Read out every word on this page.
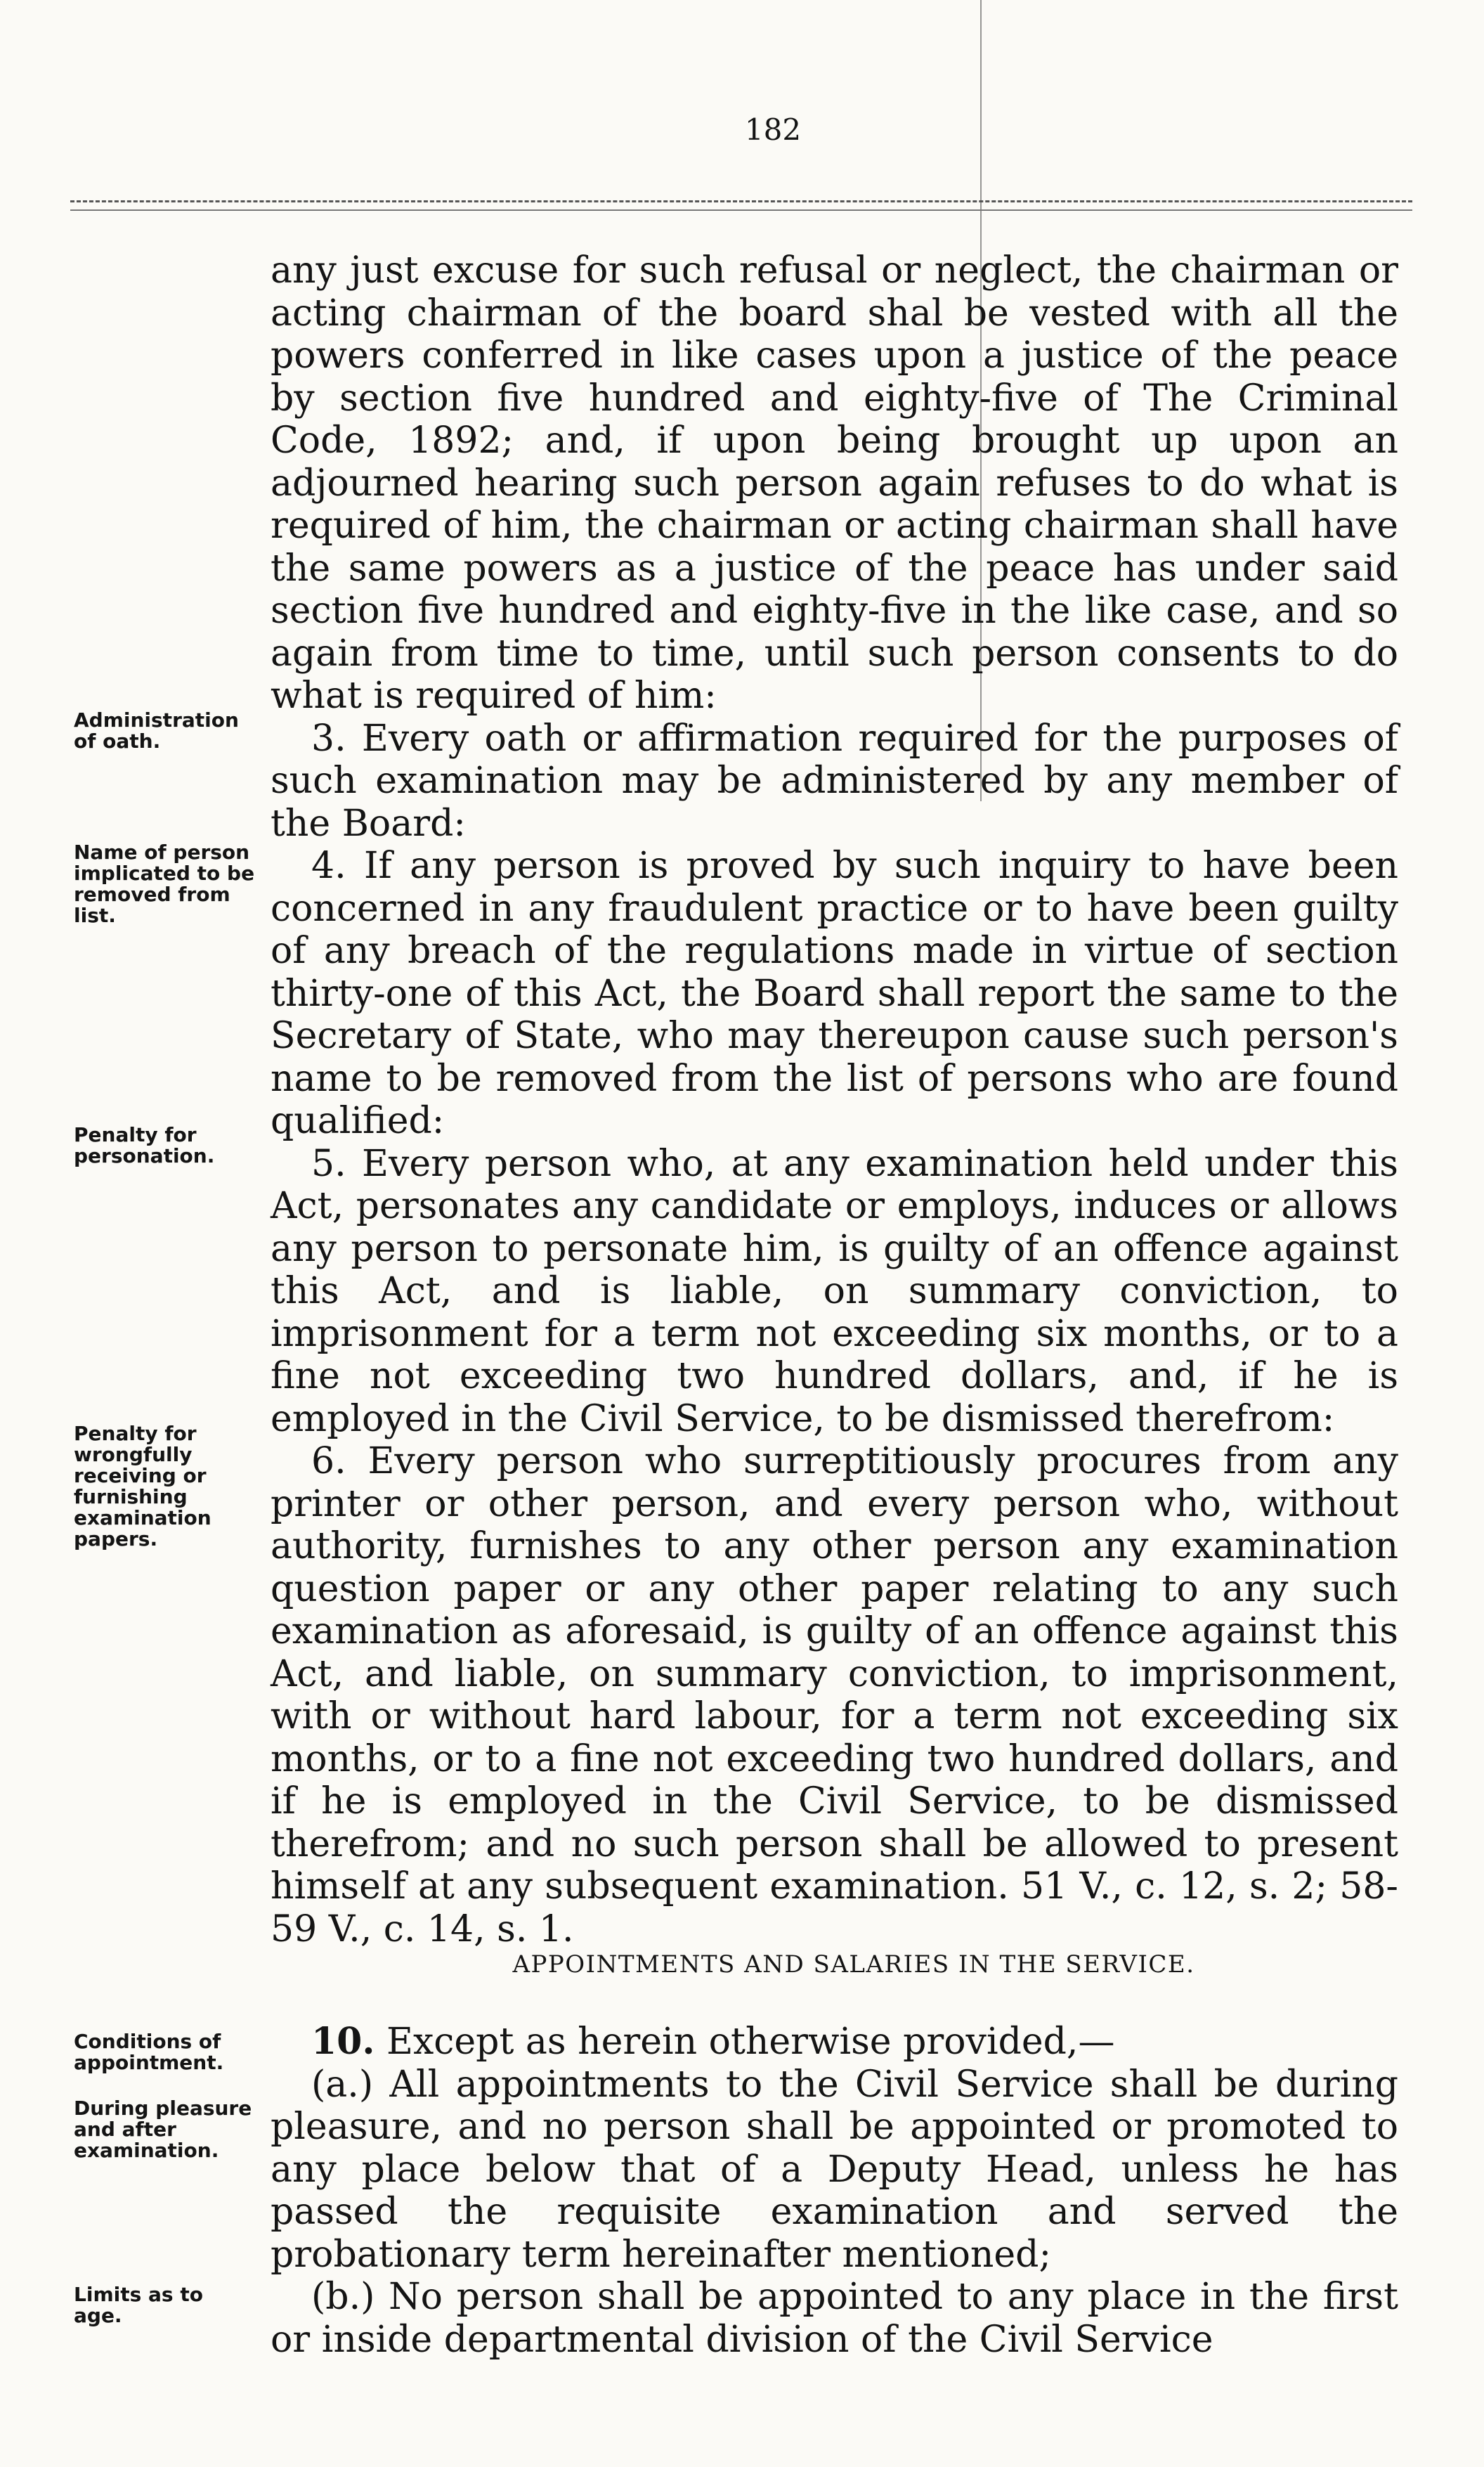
182
Administration of oath.
Name of person implicated to be removed from list.
Penalty for personation.
Penalty for wrongfully receiving or furnishing examination papers.
Conditions of appointment.
During pleasure and after examination.
Limits as to age.

any just excuse for such refusal or neglect, the chairman or acting chairman of the board shal be vested with all the powers conferred in like cases upon a justice of the peace by section five hundred and eighty-five of The Criminal Code, 1892; and, if upon being brought up upon an adjourned hearing such person again refuses to do what is required of him, the chairman or acting chairman shall have the same powers as a justice of the peace has under said section five hundred and eighty-five in the like case, and so again from time to time, until such person consents to do what is required of him:

3. Every oath or affirmation required for the purposes of such examination may be administered by any member of the Board:

4. If any person is proved by such inquiry to have been concerned in any fraudulent practice or to have been guilty of any breach of the regulations made in virtue of section thirty-one of this Act, the Board shall report the same to the Secretary of State, who may thereupon cause such person's name to be removed from the list of persons who are found qualified:

5. Every person who, at any examination held under this Act, personates any candidate or employs, induces or allows any person to personate him, is guilty of an offence against this Act, and is liable, on summary conviction, to imprisonment for a term not exceeding six months, or to a fine not exceeding two hundred dollars, and, if he is employed in the Civil Service, to be dismissed therefrom:

6. Every person who surreptitiously procures from any printer or other person, and every person who, without authority, furnishes to any other person any examination question paper or any other paper relating to any such examination as aforesaid, is guilty of an offence against this Act, and liable, on summary conviction, to imprisonment, with or without hard labour, for a term not exceeding six months, or to a fine not exceeding two hundred dollars, and if he is employed in the Civil Service, to be dismissed therefrom; and no such person shall be allowed to present himself at any subsequent examination. 51 V., c. 12, s. 2; 58-59 V., c. 14, s. 1.

APPOINTMENTS AND SALARIES IN THE SERVICE.

10. Except as herein otherwise provided,—

(a.) All appointments to the Civil Service shall be during pleasure, and no person shall be appointed or promoted to any place below that of a Deputy Head, unless he has passed the requisite examination and served the probationary term hereinafter mentioned;

(b.) No person shall be appointed to any place in the first or inside departmental division of the Civil Service
